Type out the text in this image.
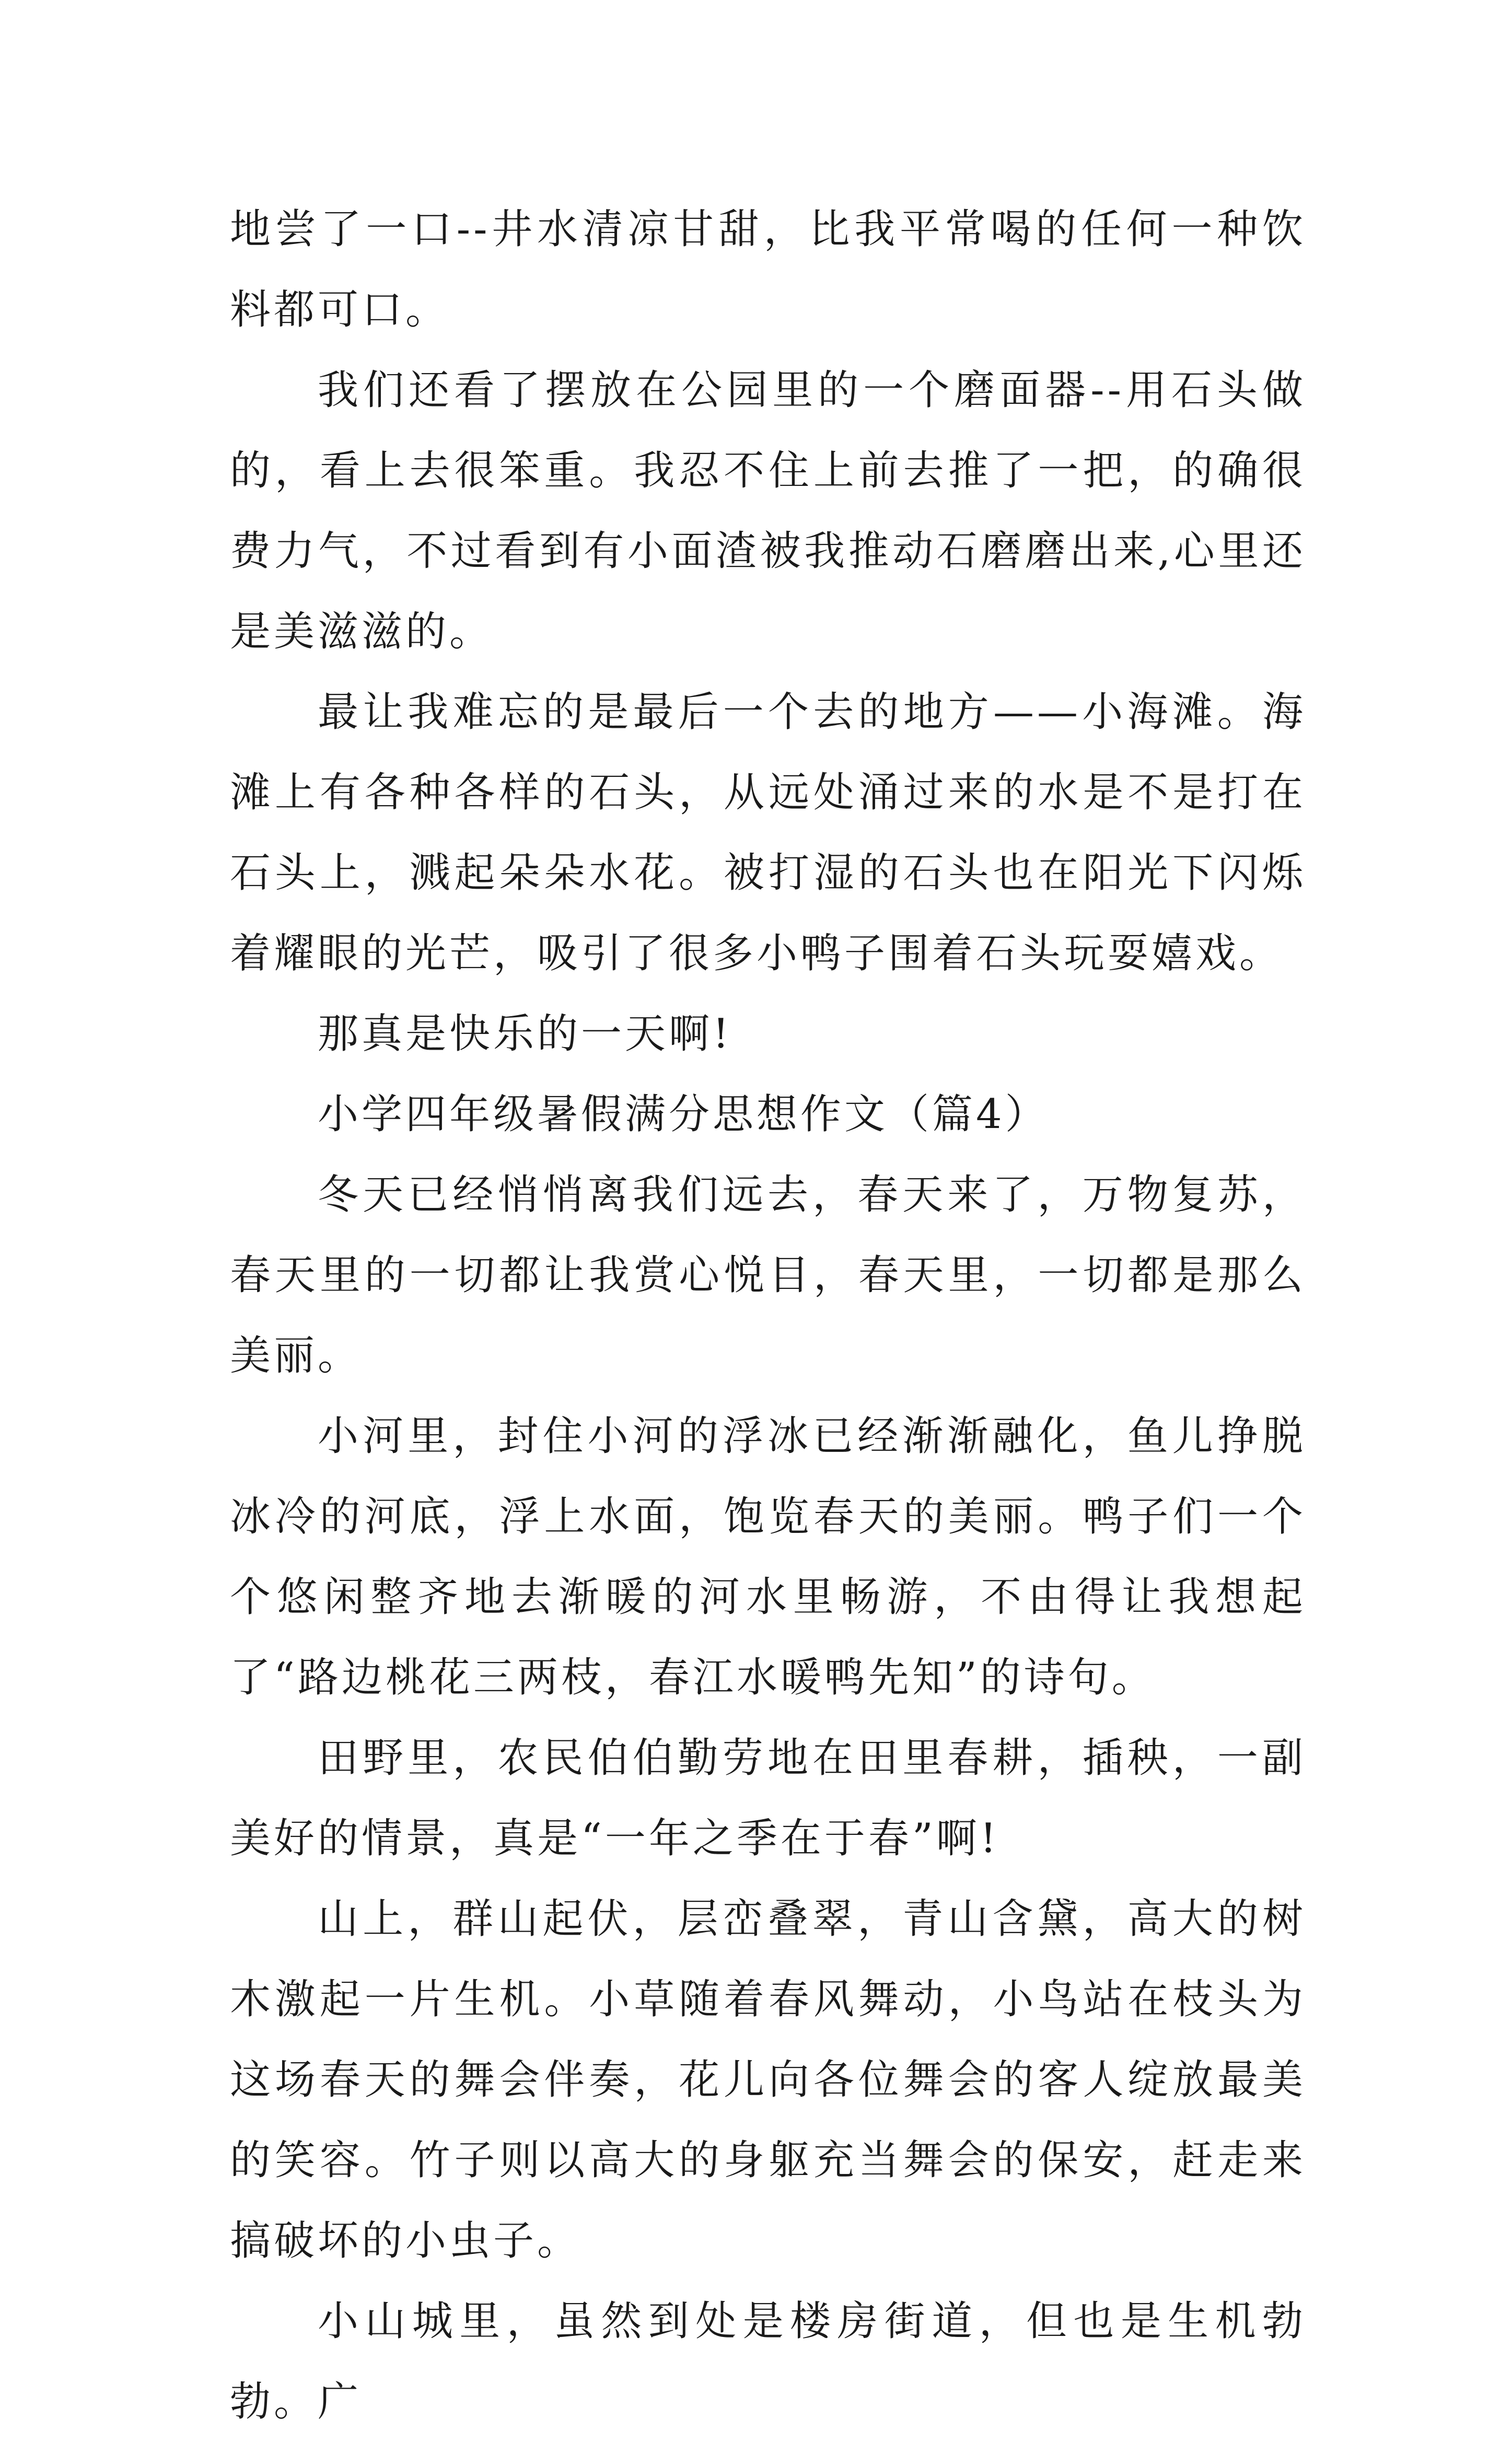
地尝了一口--井水清凉甘甜，比我平常喝的任何一种饮料都可口。

我们还看了摆放在公园里的一个磨面器--用石头做的，看上去很笨重。我忍不住上前去推了一把，的确很费力气，不过看到有小面渣被我推动石磨磨出来,心里还是美滋滋的。

最让我难忘的是最后一个去的地方——小海滩。海滩上有各种各样的石头，从远处涌过来的水是不是打在石头上，溅起朵朵水花。被打湿的石头也在阳光下闪烁着耀眼的光芒，吸引了很多小鸭子围着石头玩耍嬉戏。

那真是快乐的一天啊!

小学四年级暑假满分思想作文（篇4）

冬天已经悄悄离我们远去，春天来了，万物复苏，春天里的一切都让我赏心悦目，春天里，一切都是那么美丽。

小河里，封住小河的浮冰已经渐渐融化，鱼儿挣脱冰冷的河底，浮上水面，饱览春天的美丽。鸭子们一个个悠闲整齐地去渐暖的河水里畅游，不由得让我想起了“路边桃花三两枝，春江水暖鸭先知”的诗句。

田野里，农民伯伯勤劳地在田里春耕，插秧，一副美好的情景，真是“一年之季在于春”啊!

山上，群山起伏，层峦叠翠，青山含黛，高大的树木激起一片生机。小草随着春风舞动，小鸟站在枝头为这场春天的舞会伴奏，花儿向各位舞会的客人绽放最美的笑容。竹子则以高大的身躯充当舞会的保安，赶走来搞破坏的小虫子。

小山城里，虽然到处是楼房街道，但也是生机勃勃。广
